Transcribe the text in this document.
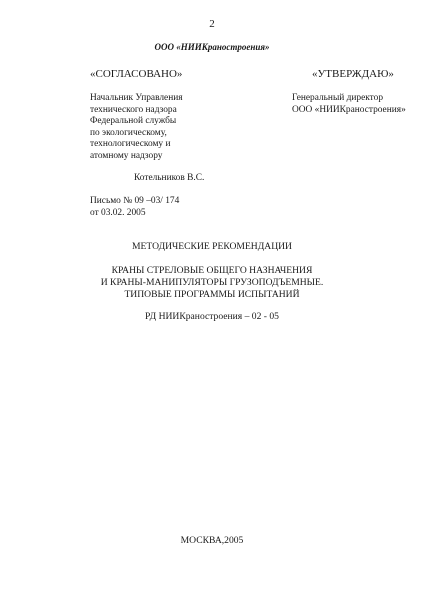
2
ООО «НИИКраностроения»
«СОГЛАСОВАНО»	«УТВЕРЖДАЮ»
Начальник Управления
технического надзора
Федеральной службы
по экологическому,
технологическому и
атомному надзору
Генеральный директор
ООО «НИИКраностроения»
Котельников В.С.
Письмо № 09 –03/ 174
от 03.02. 2005
МЕТОДИЧЕСКИЕ РЕКОМЕНДАЦИИ
КРАНЫ СТРЕЛОВЫЕ ОБЩЕГО НАЗНАЧЕНИЯ
И КРАНЫ-МАНИПУЛЯТОРЫ ГРУЗОПОДЪЕМНЫЕ.
ТИПОВЫЕ ПРОГРАММЫ ИСПЫТАНИЙ
РД НИИКраностроения – 02 - 05
МОСКВА,2005
